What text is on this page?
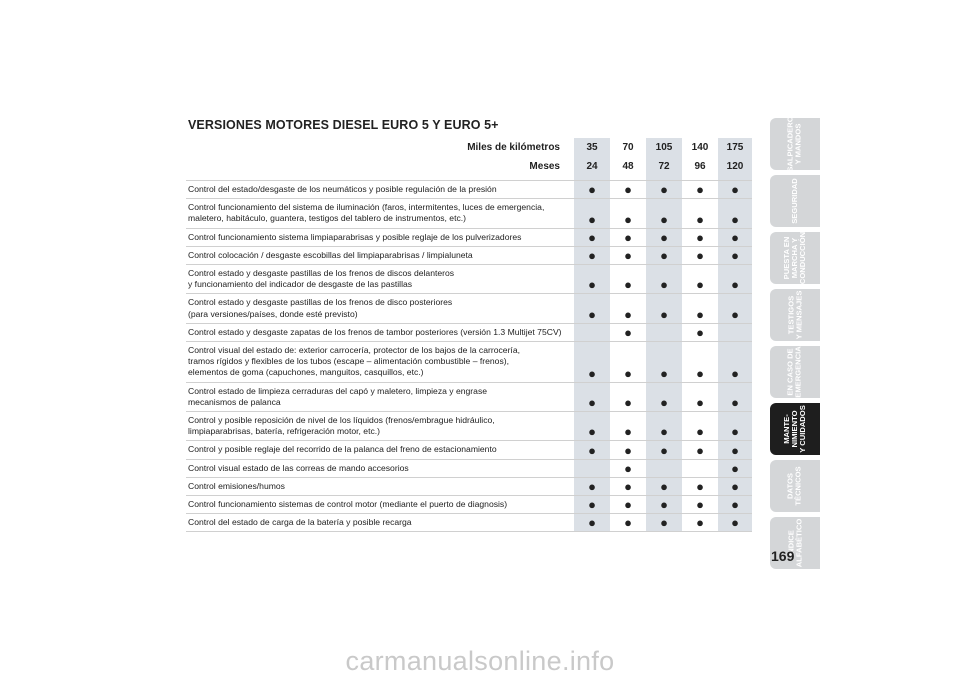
VERSIONES MOTORES DIESEL EURO 5 Y EURO 5+
Miles de kilómetros	35	70	105	140	175
Meses	24	48	72	96	120

Control del estado/desgaste de los neumáticos y posible regulación de la presión	●	●	●	●	●
Control funcionamiento del sistema de iluminación (faros, intermitentes, luces de emergencia,
maletero, habitáculo, guantera, testigos del tablero de instrumentos, etc.)	●	●	●	●	●
Control funcionamiento sistema limpiaparabrisas y posible reglaje de los pulverizadores	●	●	●	●	●
Control colocación / desgaste escobillas del limpiaparabrisas / limpialuneta	●	●	●	●	●
Control estado y desgaste pastillas de los frenos de discos delanteros
y funcionamiento del indicador de desgaste de las pastillas	●	●	●	●	●
Control estado y desgaste pastillas de los frenos de disco posteriores
(para versiones/países, donde esté previsto)	●	●	●	●	●
Control estado y desgaste zapatas de los frenos de tambor posteriores (versión 1.3 Multijet 75CV)		●		●	
Control visual del estado de: exterior carrocería, protector de los bajos de la carrocería,
tramos rígidos y flexibles de los tubos (escape – alimentación combustible – frenos),
elementos de goma (capuchones, manguitos, casquillos, etc.)	●	●	●	●	●
Control estado de limpieza cerraduras del capó y maletero, limpieza y engrase
mecanismos de palanca	●	●	●	●	●
Control y posible reposición de nivel de los líquidos (frenos/embrague hidráulico,
limpiaparabrisas, batería, refrigeración motor, etc.)	●	●	●	●	●
Control y posible reglaje del recorrido de la palanca del freno de estacionamiento	●	●	●	●	●
Control visual estado de las correas de mando accesorios		●			●
Control emisiones/humos	●	●	●	●	●
Control funcionamiento sistemas de control motor (mediante el puerto de diagnosis)	●	●	●	●	●
Control del estado de carga de la batería y posible recarga	●	●	●	●	●
SALPICADERO
Y MANDOS
SEGURIDAD
PUESTA EN
MARCHA Y
CONDUCCIÓN
TESTIGOS
Y MENSAJES
EN CASO DE
EMERGENCIA
MANTE-
NIMIENTO
Y CUIDADOS
DATOS
TÉCNICOS
ÍNDICE
ALFABÉTICO
169
carmanualsonline.info
